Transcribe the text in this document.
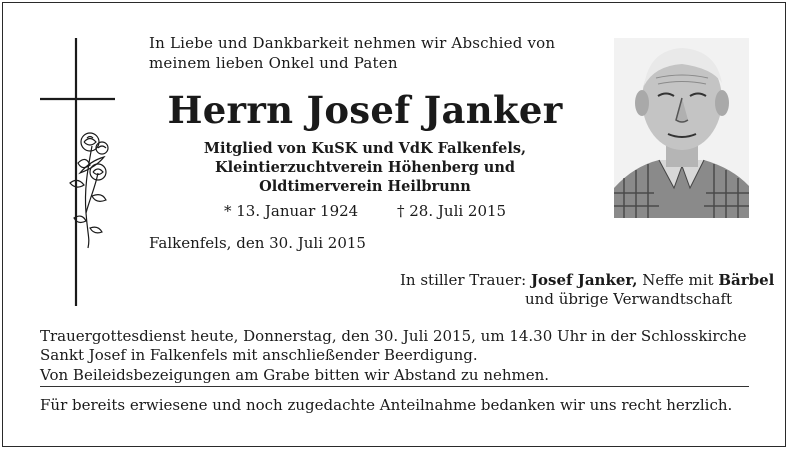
In Liebe und Dankbarkeit nehmen wir Abschied von
meinem lieben Onkel und Paten
Herrn Josef Janker
Mitglied von KuSK und VdK Falkenfels,
Kleintierzuchtverein Höhenberg und
Oldtimerverein Heilbrunn
* 13. Januar 1924	† 28. Juli 2015
Falkenfels, den 30. Juli 2015
In stiller Trauer: Josef Janker, Neffe mit Bärbel
und übrige Verwandtschaft
Trauergottesdienst heute, Donnerstag, den 30. Juli 2015, um 14.30 Uhr in der Schlosskirche
Sankt Josef in Falkenfels mit anschließender Beerdigung.
Von Beileidsbezeigungen am Grabe bitten wir Abstand zu nehmen.
Für bereits erwiesene und noch zugedachte Anteilnahme bedanken wir uns recht herzlich.
